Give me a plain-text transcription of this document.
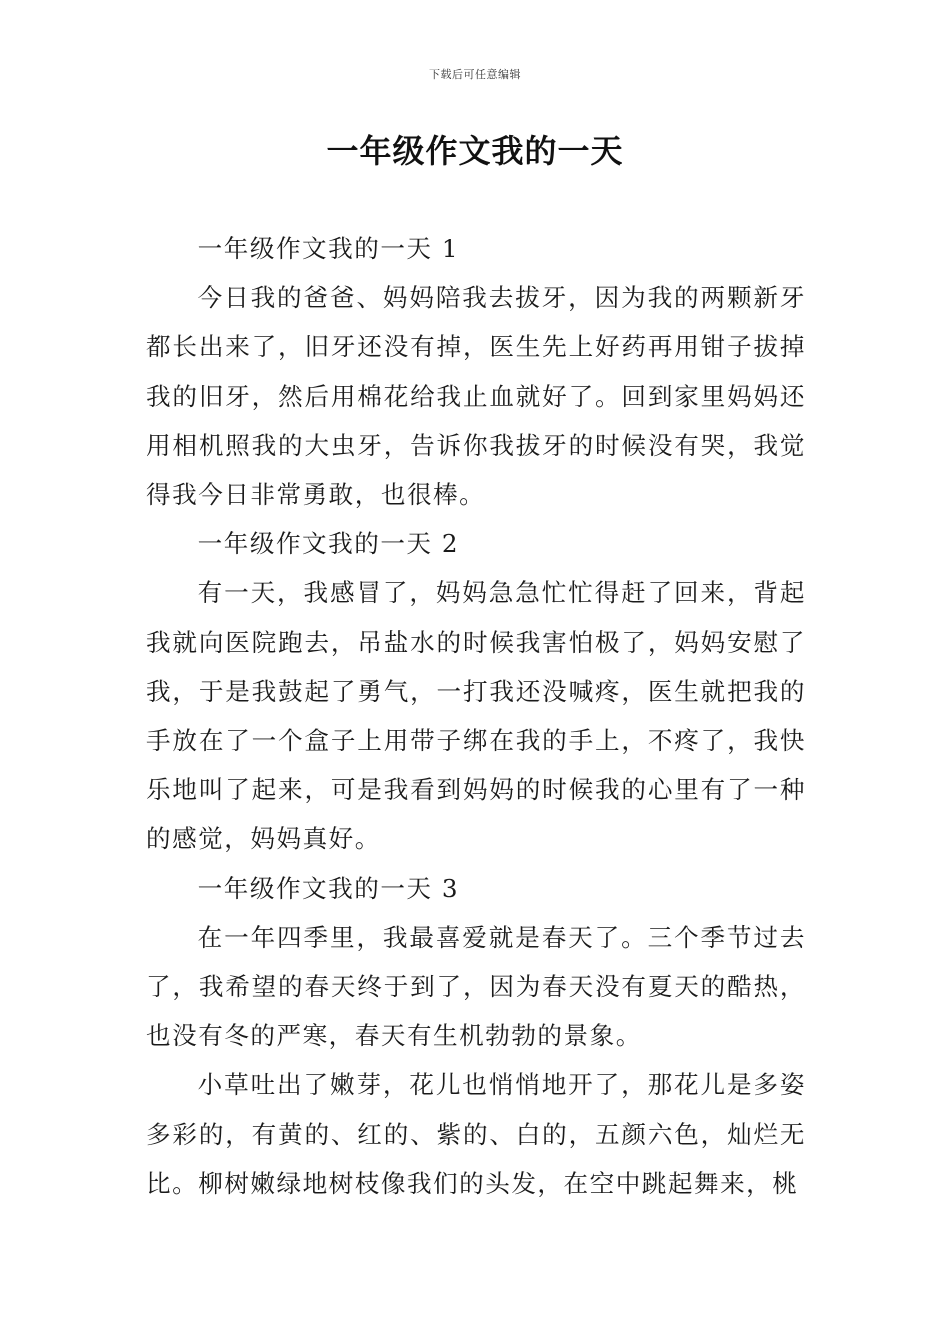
下载后可任意编辑
一年级作文我的一天

一年级作文我的一天 1

今日我的爸爸、妈妈陪我去拔牙，因为我的两颗新牙都长出来了，旧牙还没有掉，医生先上好药再用钳子拔掉我的旧牙，然后用棉花给我止血就好了。回到家里妈妈还用相机照我的大虫牙，告诉你我拔牙的时候没有哭，我觉得我今日非常勇敢，也很棒。

一年级作文我的一天 2

有一天，我感冒了，妈妈急急忙忙得赶了回来，背起我就向医院跑去，吊盐水的时候我害怕极了，妈妈安慰了我，于是我鼓起了勇气，一打我还没喊疼，医生就把我的手放在了一个盒子上用带子绑在我的手上，不疼了，我快乐地叫了起来，可是我看到妈妈的时候我的心里有了一种的感觉，妈妈真好。

一年级作文我的一天 3

在一年四季里，我最喜爱就是春天了。三个季节过去了，我希望的春天终于到了，因为春天没有夏天的酷热，也没有冬的严寒，春天有生机勃勃的景象。

小草吐出了嫩芽，花儿也悄悄地开了，那花儿是多姿多彩的，有黄的、红的、紫的、白的，五颜六色，灿烂无比。柳树嫩绿地树枝像我们的头发，在空中跳起舞来，桃
